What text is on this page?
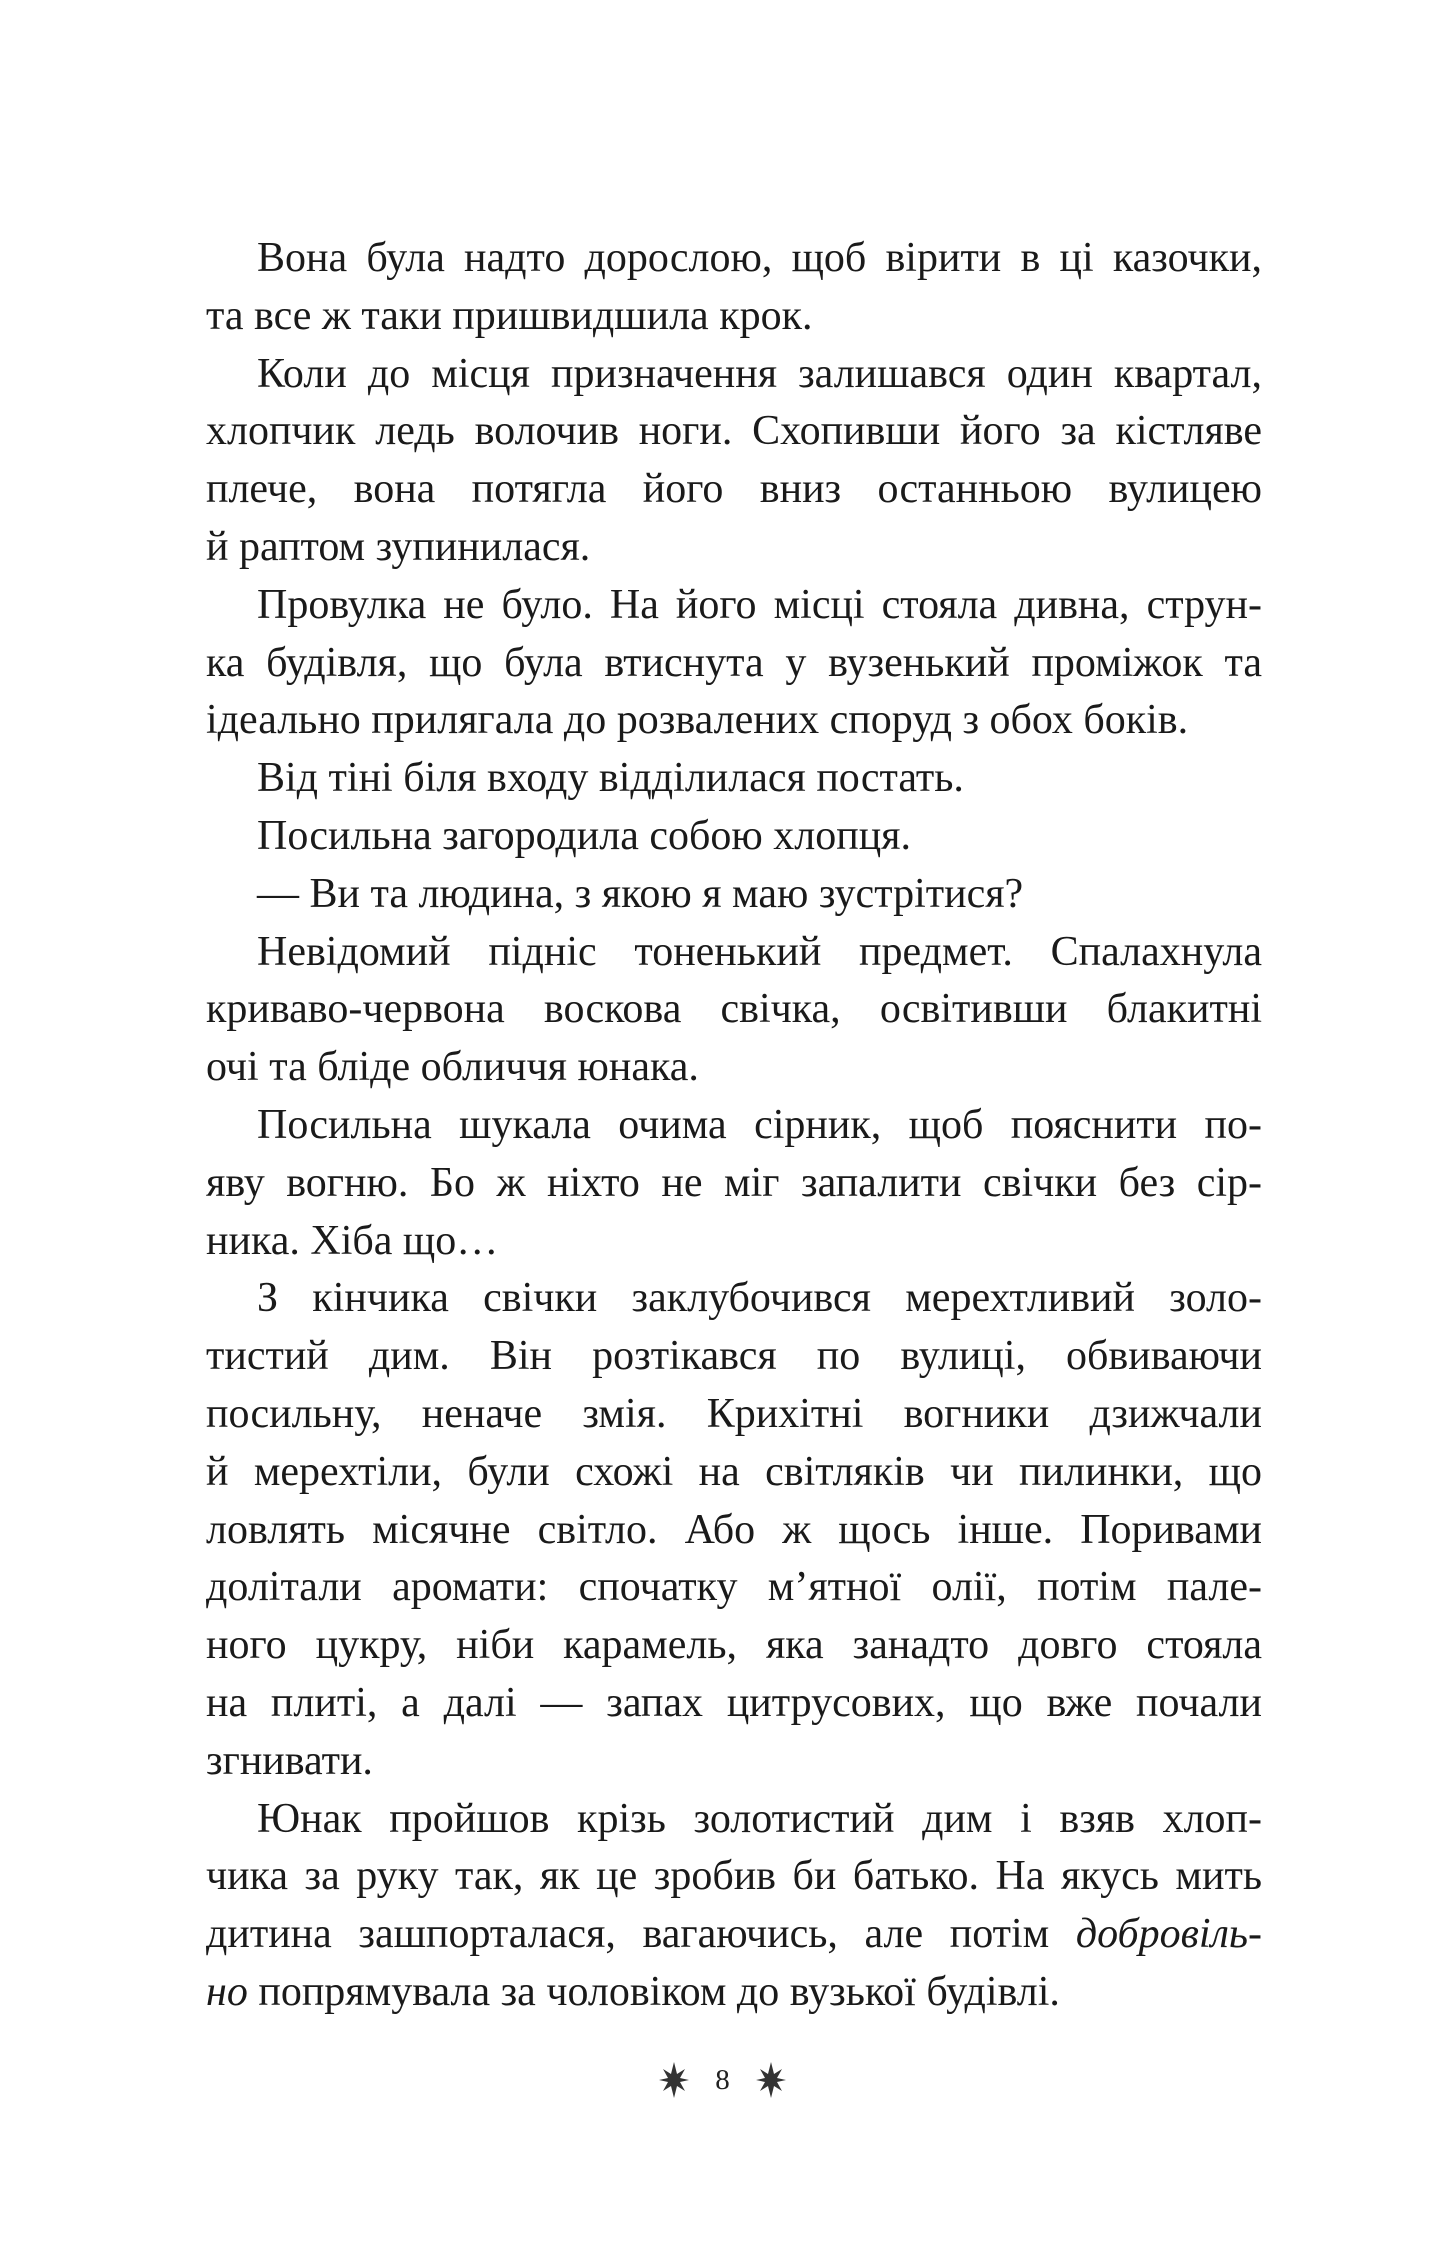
Вона була надто дорослою, щоб вірити в ці казочки,
та все ж таки пришвидшила крок.
Коли до місця призначення залишався один квартал,
хлопчик ледь волочив ноги. Схопивши його за кістляве
плече, вона потягла його вниз останньою вулицею
й раптом зупинилася.
Провулка не було. На його місці стояла дивна, струн-
ка будівля, що була втиснута у вузенький проміжок та
ідеально прилягала до розвалених споруд з обох боків.
Від тіні біля входу відділилася постать.
Посильна загородила собою хлопця.
— Ви та людина, з якою я маю зустрітися?
Невідомий підніс тоненький предмет. Спалахнула
криваво-червона воскова свічка, освітивши блакитні
очі та бліде обличчя юнака.
Посильна шукала очима сірник, щоб пояснити по-
яву вогню. Бо ж ніхто не міг запалити свічки без сір-
ника. Хіба що…
З кінчика свічки заклубочився мерехтливий золо-
тистий дим. Він розтікався по вулиці, обвиваючи
посильну, неначе змія. Крихітні вогники дзижчали
й мерехтіли, були схожі на світляків чи пилинки, що
ловлять місячне світло. Або ж щось інше. Поривами
долітали аромати: спочатку м’ятної олії, потім пале-
ного цукру, ніби карамель, яка занадто довго стояла
на плиті, а далі — запах цитрусових, що вже почали
згнивати.
Юнак пройшов крізь золотистий дим і взяв хлоп-
чика за руку так, як це зробив би батько. На якусь мить
дитина зашпорталася, вагаючись, але потім добровіль-
но попрямувала за чоловіком до вузької будівлі.
8
